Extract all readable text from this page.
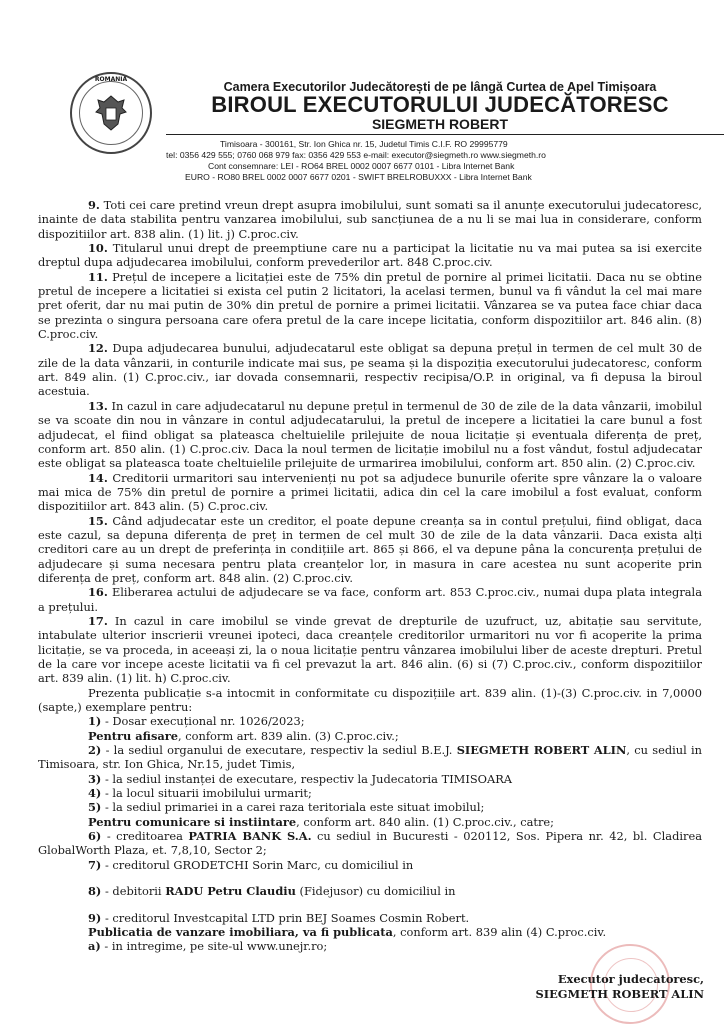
ROMANIA
Camera Executorilor Judecătorești de pe lângă Curtea de Apel Timișoara
BIROUL EXECUTORULUI JUDECĂTORESC
SIEGMETH ROBERT
Timisoara - 300161, Str. Ion Ghica nr. 15, Judetul Timis C.I.F. RO 29995779
tel: 0356 429 555; 0760 068 979 fax: 0356 429 553 e-mail: executor@siegmeth.ro www.siegmeth.ro
Cont consemnare: LEI - RO64 BREL 0002 0007 6677 0101 - Libra Internet Bank
EURO - RO80 BREL 0002 0007 6677 0201 - SWIFT BRELROBUXXX - Libra Internet Bank

9. Toti cei care pretind vreun drept asupra imobilului, sunt somati sa il anunțe executorului judecatoresc, inainte de data stabilita pentru vanzarea imobilului, sub sancțiunea de a nu li se mai lua in considerare, conform dispozitiilor art. 838 alin. (1) lit. j) C.proc.civ.

10. Titularul unui drept de preemptiune care nu a participat la licitatie nu va mai putea sa isi exercite dreptul dupa adjudecarea imobilului, conform prevederilor art. 848 C.proc.civ.

11. Prețul de incepere a licitației este de 75% din pretul de pornire al primei licitatii. Daca nu se obtine pretul de incepere a licitatiei si exista cel putin 2 licitatori, la acelasi termen, bunul va fi vândut la cel mai mare pret oferit, dar nu mai putin de 30% din pretul de pornire a primei licitatii. Vânzarea se va putea face chiar daca se prezinta o singura persoana care ofera pretul de la care incepe licitatia, conform dispozitiilor art. 846 alin. (8) C.proc.civ.

12. Dupa adjudecarea bunului, adjudecatarul este obligat sa depuna prețul in termen de cel mult 30 de zile de la data vânzarii, in conturile indicate mai sus, pe seama și la dispoziția executorului judecatoresc, conform art. 849 alin. (1) C.proc.civ., iar dovada consemnarii, respectiv recipisa/O.P. in original, va fi depusa la biroul acestuia.

13. In cazul in care adjudecatarul nu depune prețul in termenul de 30 de zile de la data vânzarii, imobilul se va scoate din nou in vânzare in contul adjudecatarului, la pretul de incepere a licitatiei la care bunul a fost adjudecat, el fiind obligat sa plateasca cheltuielile prilejuite de noua licitație și eventuala diferența de preț, conform art. 850 alin. (1) C.proc.civ. Daca la noul termen de licitație imobilul nu a fost vândut, fostul adjudecatar este obligat sa plateasca toate cheltuielile prilejuite de urmarirea imobilului, conform art. 850 alin. (2) C.proc.civ.

14. Creditorii urmaritori sau intervenienți nu pot sa adjudece bunurile oferite spre vânzare la o valoare mai mica de 75% din pretul de pornire a primei licitatii, adica din cel la care imobilul a fost evaluat, conform dispozitiilor art. 843 alin. (5) C.proc.civ.

15. Când adjudecatar este un creditor, el poate depune creanța sa in contul prețului, fiind obligat, daca este cazul, sa depuna diferența de preț in termen de cel mult 30 de zile de la data vânzarii. Daca exista alți creditori care au un drept de preferința in condițiile art. 865 și 866, el va depune pâna la concurența prețului de adjudecare și suma necesara pentru plata creanțelor lor, in masura in care acestea nu sunt acoperite prin diferența de preț, conform art. 848 alin. (2) C.proc.civ.

16. Eliberarea actului de adjudecare se va face, conform art. 853 C.proc.civ., numai dupa plata integrala a prețului.

17. In cazul in care imobilul se vinde grevat de drepturile de uzufruct, uz, abitație sau servitute, intabulate ulterior inscrierii vreunei ipoteci, daca creanțele creditorilor urmaritori nu vor fi acoperite la prima licitație, se va proceda, in aceeași zi, la o noua licitație pentru vânzarea imobilului liber de aceste drepturi. Pretul de la care vor incepe aceste licitatii va fi cel prevazut la art. 846 alin. (6) si (7) C.proc.civ., conform dispozitiilor art. 839 alin. (1) lit. h) C.proc.civ.

Prezenta publicație s-a intocmit in conformitate cu dispozițiile art. 839 alin. (1)-(3) C.proc.civ. in 7,0000 (sapte,) exemplare pentru:

1) - Dosar execuțional nr. 1026/2023;

Pentru afisare, conform art. 839 alin. (3) C.proc.civ.;

2) - la sediul organului de executare, respectiv la sediul B.E.J. SIEGMETH ROBERT ALIN, cu sediul in Timisoara, str. Ion Ghica, Nr.15, judet Timis,

3) - la sediul instanței de executare, respectiv la Judecatoria TIMISOARA

4) - la locul situarii imobilului urmarit;

5) - la sediul primariei in a carei raza teritoriala este situat imobilul;

Pentru comunicare si instiintare, conform art. 840 alin. (1) C.proc.civ., catre;

6) - creditoarea PATRIA BANK S.A. cu sediul in Bucuresti - 020112, Sos. Pipera nr. 42, bl. Cladirea GlobalWorth Plaza, et. 7,8,10, Sector 2;

7) - creditorul GRODETCHI Sorin Marc, cu domiciliul in

8) - debitorii RADU Petru Claudiu (Fidejusor) cu domiciliul in

9) - creditorul Investcapital LTD prin BEJ Soames Cosmin Robert.

Publicatia de vanzare imobiliara, va fi publicata, conform art. 839 alin (4) C.proc.civ.

a) - in intregime, pe site-ul www.unejr.ro;

Executor judecatoresc,
SIEGMETH ROBERT ALIN
